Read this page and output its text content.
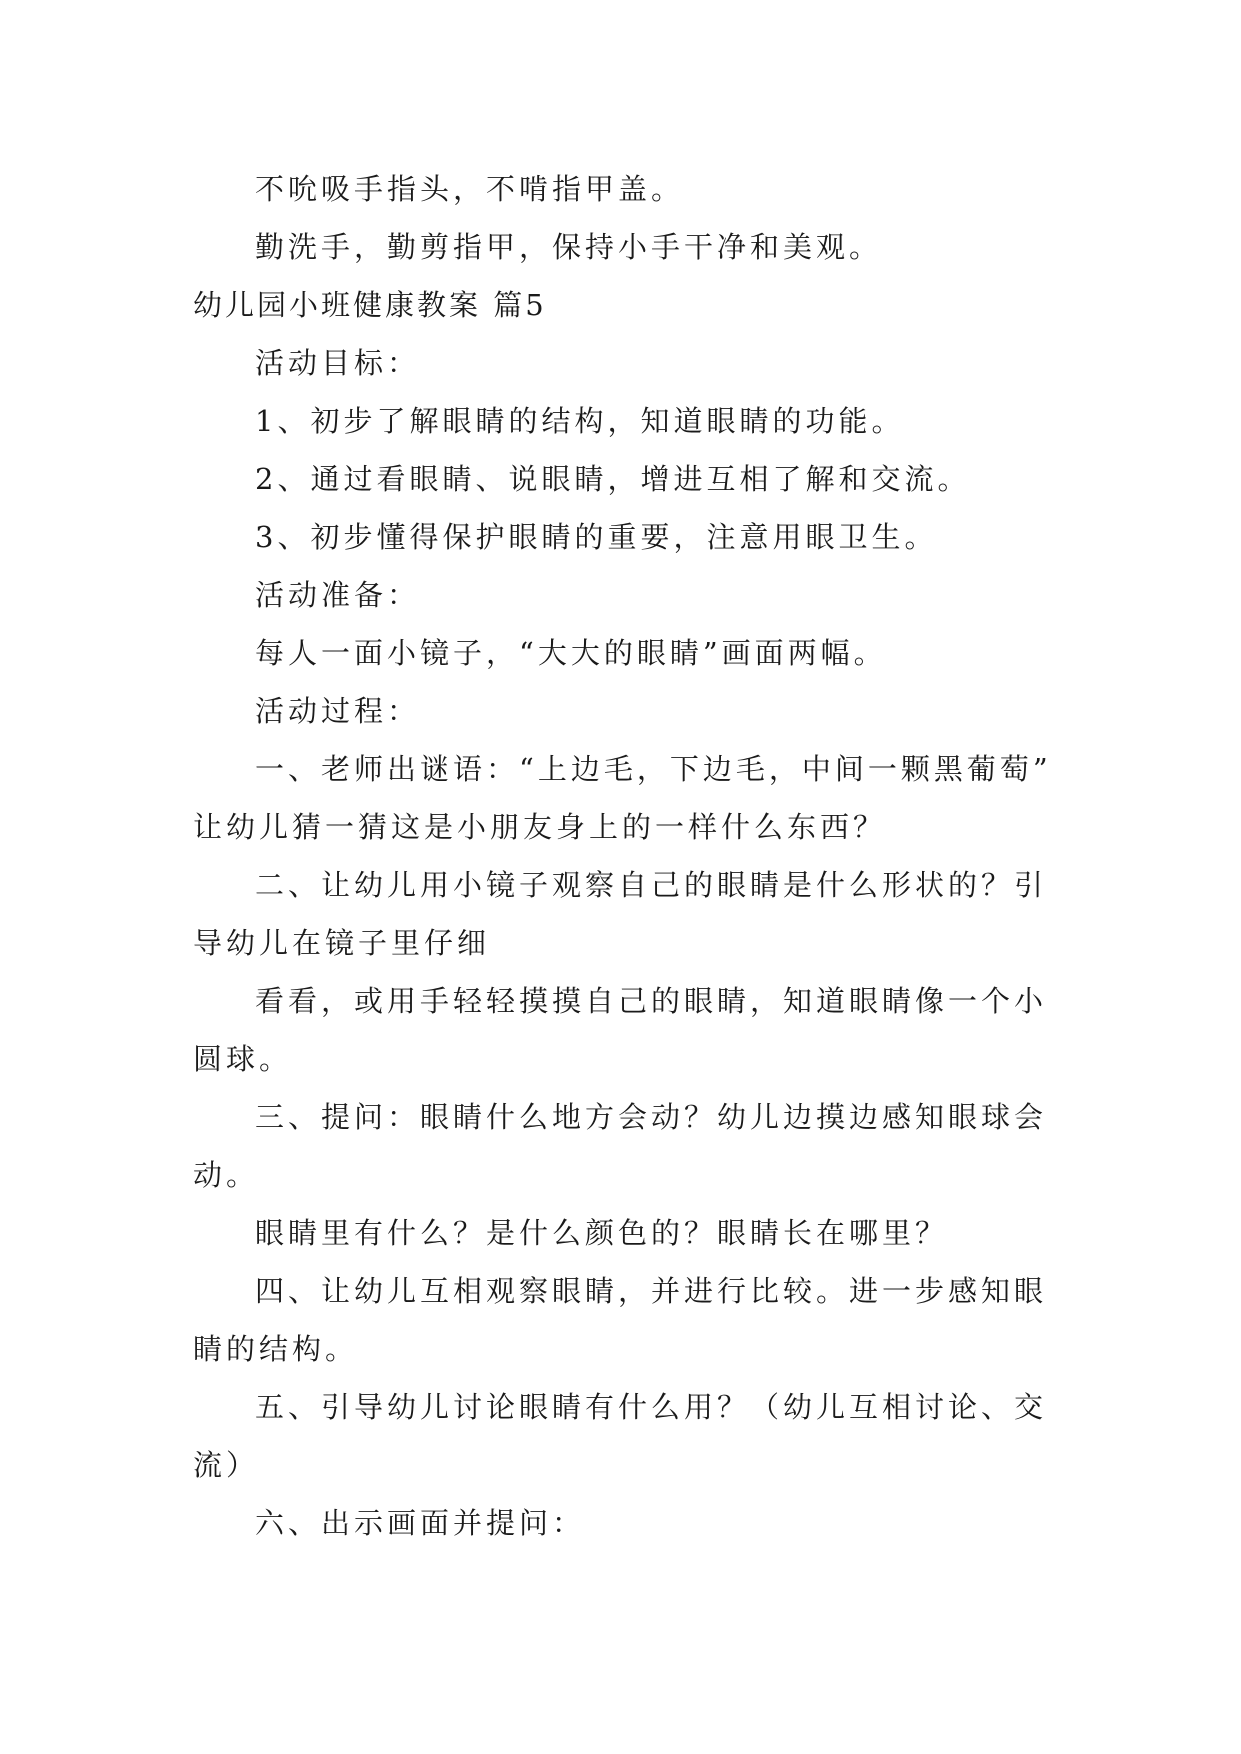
不吮吸手指头，不啃指甲盖。
勤洗手，勤剪指甲，保持小手干净和美观。
幼儿园小班健康教案 篇5
活动目标：
1、初步了解眼睛的结构，知道眼睛的功能。
2、通过看眼睛、说眼睛，增进互相了解和交流。
3、初步懂得保护眼睛的重要，注意用眼卫生。
活动准备：
每人一面小镜子，“大大的眼睛”画面两幅。
活动过程：
一、老师出谜语：“上边毛，下边毛，中间一颗黑葡萄”
让幼儿猜一猜这是小朋友身上的一样什么东西？
二、让幼儿用小镜子观察自己的眼睛是什么形状的？引
导幼儿在镜子里仔细
看看，或用手轻轻摸摸自己的眼睛，知道眼睛像一个小
圆球。
三、提问：眼睛什么地方会动？幼儿边摸边感知眼球会
动。
眼睛里有什么？是什么颜色的？眼睛长在哪里？
四、让幼儿互相观察眼睛，并进行比较。进一步感知眼
睛的结构。
五、引导幼儿讨论眼睛有什么用？（幼儿互相讨论、交
流）
六、出示画面并提问：
